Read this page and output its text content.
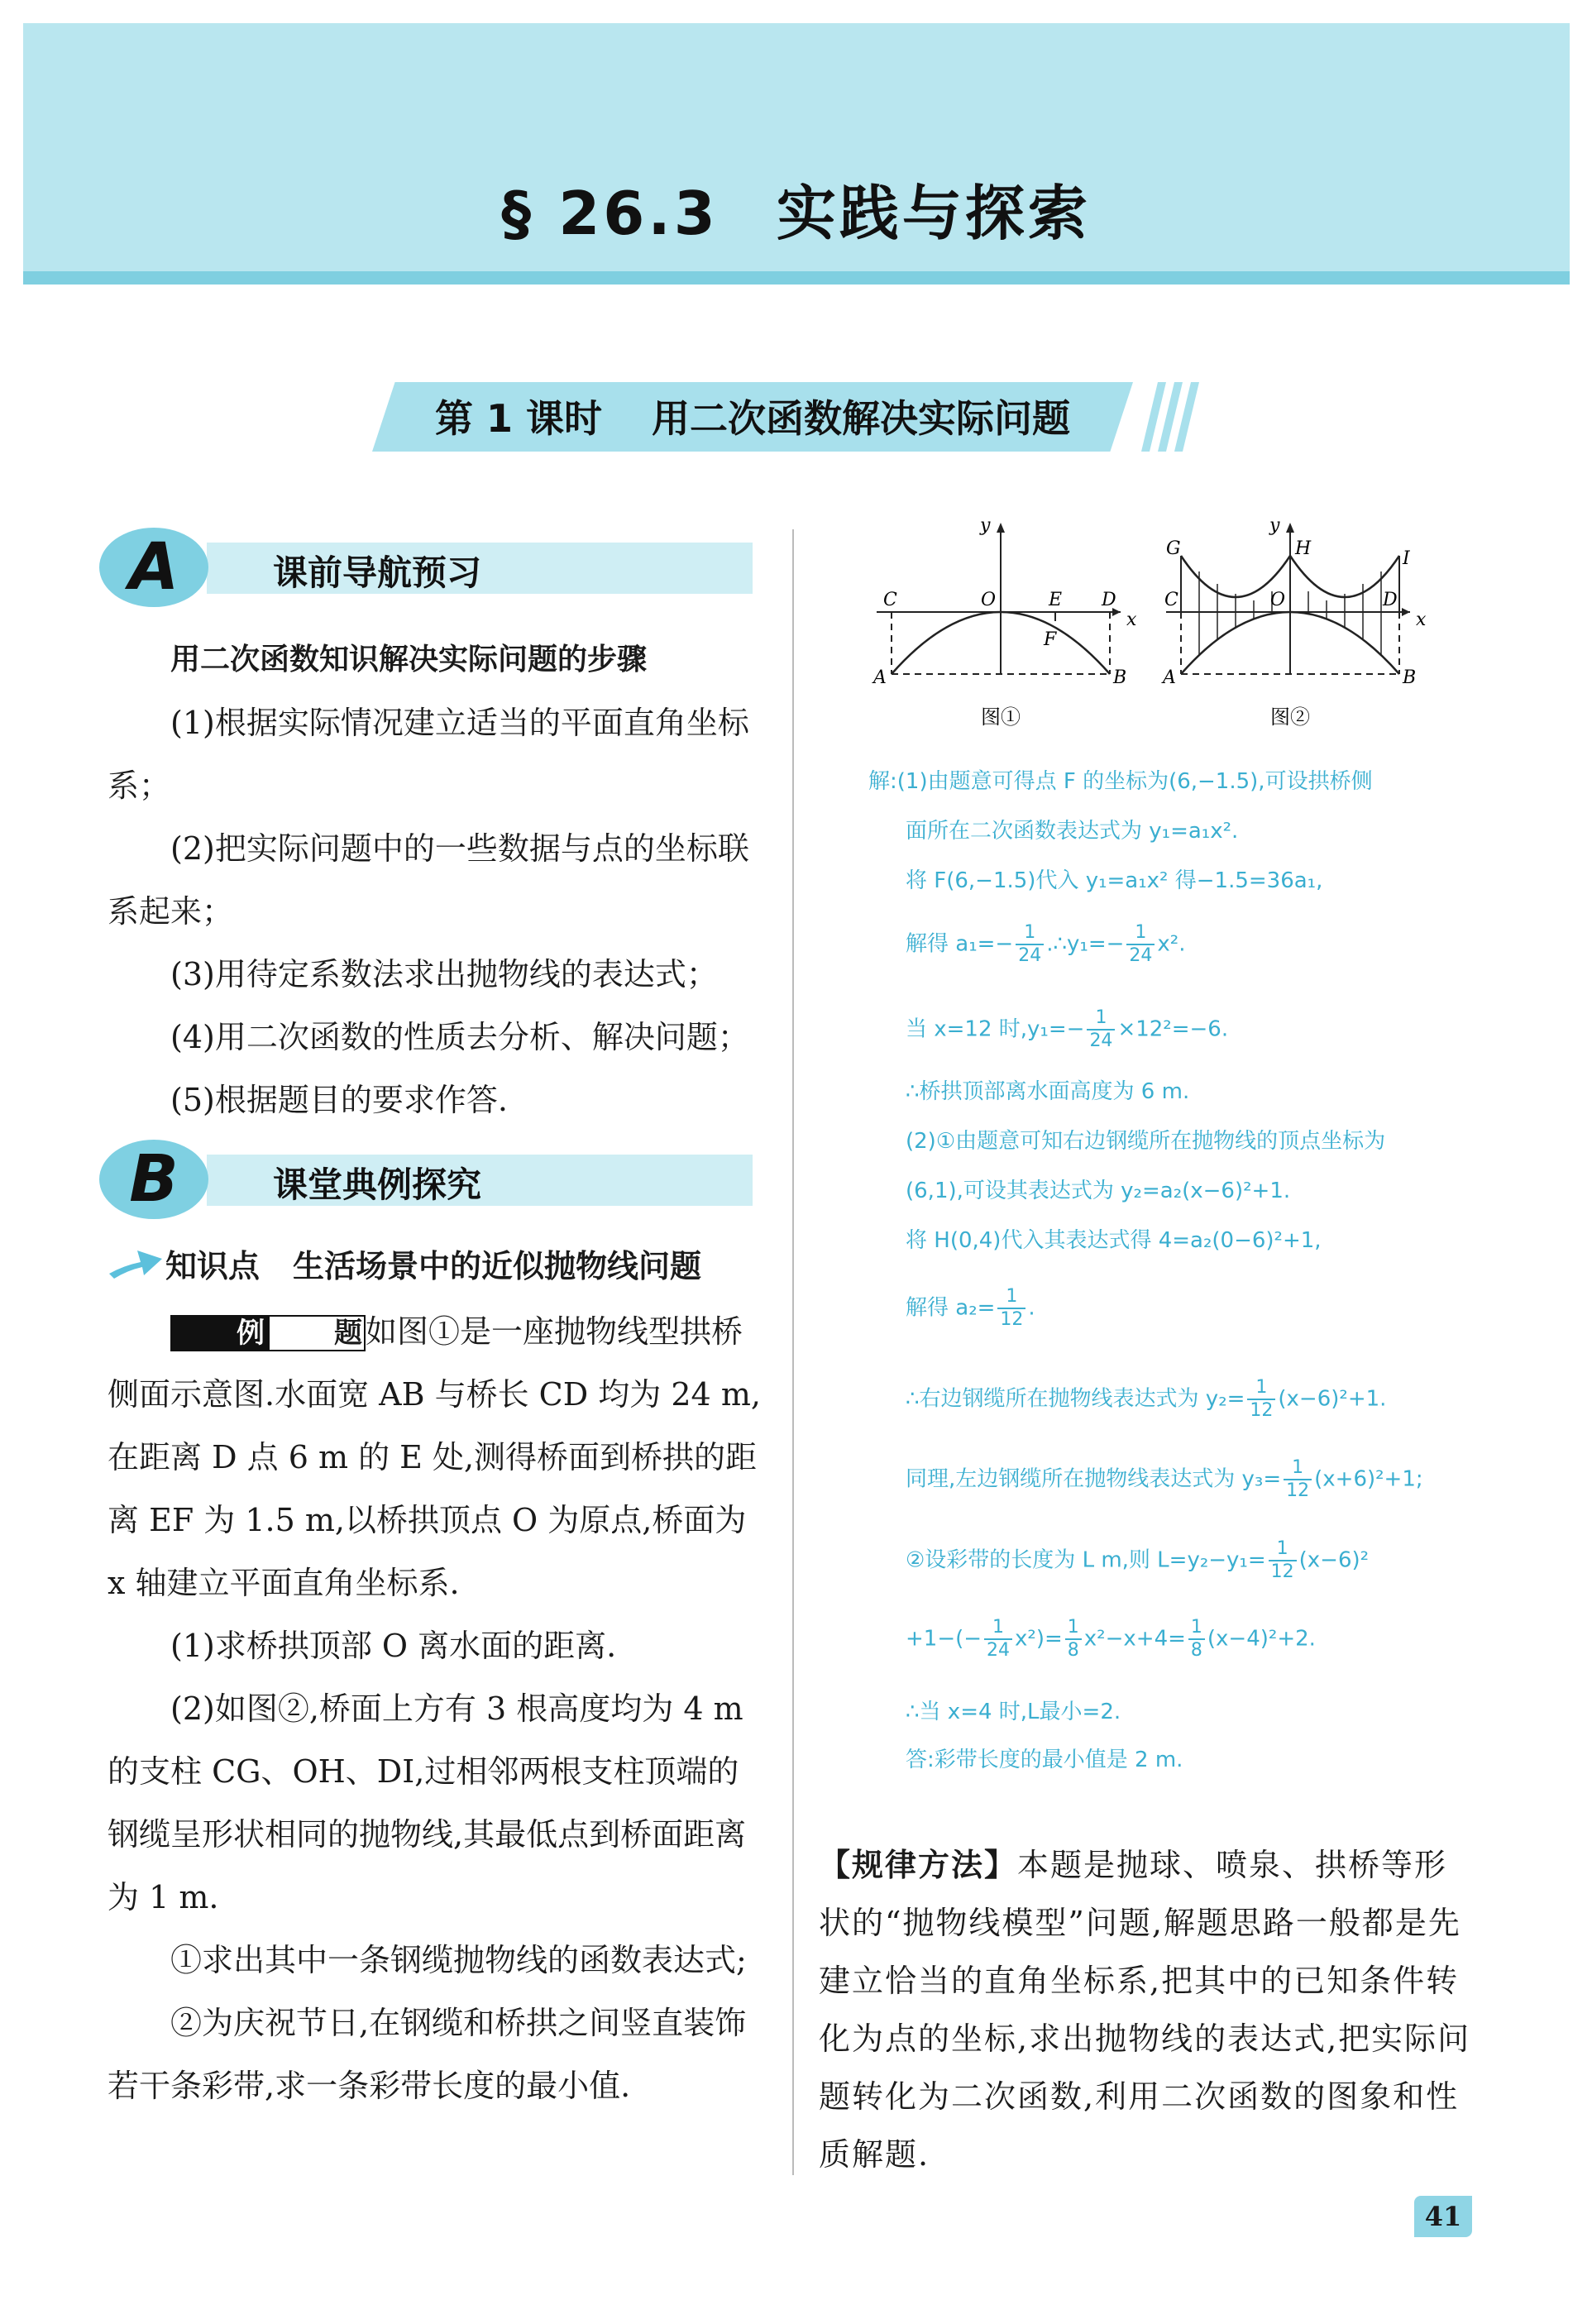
§ 26.3 实践与探索
第 1 课时 用二次函数解决实际问题
A	课前导航预习

用二次函数知识解决实际问题的步骤

(1)根据实际情况建立适当的平面直角坐标系；

(2)把实际问题中的一些数据与点的坐标联系起来；

(3)用待定系数法求出抛物线的表达式；

(4)用二次函数的性质去分析、解决问题；

(5)根据题目的要求作答.

B	课堂典例探究
知识点 生活场景中的近似抛物线问题

例 题 如图①是一座抛物线型拱桥侧面示意图.水面宽 AB 与桥长 CD 均为 24 m,在距离 D 点 6 m 的 E 处,测得桥面到桥拱的距离 EF 为 1.5 m,以桥拱顶点 O 为原点,桥面为 x 轴建立平面直角坐标系.

(1)求桥拱顶部 O 离水面的距离.

(2)如图②,桥面上方有 3 根高度均为 4 m 的支柱 CG、OH、DI,过相邻两根支柱顶端的钢缆呈形状相同的抛物线,其最低点到桥面距离为 1 m.

①求出其中一条钢缆抛物线的函数表达式;

②为庆祝节日,在钢缆和桥拱之间竖直装饰若干条彩带,求一条彩带长度的最小值.

y
x
C	O	E D
F
A	B
图①
y
x
G	H	I
C	O	D
A	B
图②
解:(1)由题意可得点 F 的坐标为(6,−1.5),可设拱桥侧
面所在二次函数表达式为 y₁=a₁x².
将 F(6,−1.5)代入 y₁=a₁x² 得−1.5=36a₁,
解得 $a_1=- \frac{1}{24}$ .∴y₁=− $\frac{1}{24} x^2$.
当 x=12 时$,y_1=- \frac{1}{24} \times 12^2=-6$.
∴桥拱顶部离水面高度为 6 m.
(2)①由题意可知右边钢缆所在抛物线的顶点坐标为
(6,1),可设其表达式为 y₂=a₂(x−6)²+1.
将 H(0,4)代入其表达式得 4=a₂(0−6)²+1,
解得 $a_2= \frac{1}{12}$ .
∴右边钢缆所在抛物线表达式为 $y_2= \frac{1}{12} (x-6)^2+1$.
同理,左边钢缆所在抛物线表达式为 $y_3= \frac{1}{12} (x+6)^2+1$;
②设彩带的长度为 L m,则 $L=y_2-y_1= \frac{1}{12} (x-6)^2$
$+1-(- \frac{1}{24} x^2)= \frac{1}{8} x^2-x+4= \frac{1}{8} (x-4)^2+2$.
∴当 x=4 时,L最小=2.
答:彩带长度的最小值是 2 m.
【规律方法】本题是抛球、喷泉、拱桥等形状的“抛物线模型”问题,解题思路一般都是先建立恰当的直角坐标系,把其中的已知条件转化为点的坐标,求出抛物线的表达式,把实际问题转化为二次函数,利用二次函数的图象和性质解题.
41
